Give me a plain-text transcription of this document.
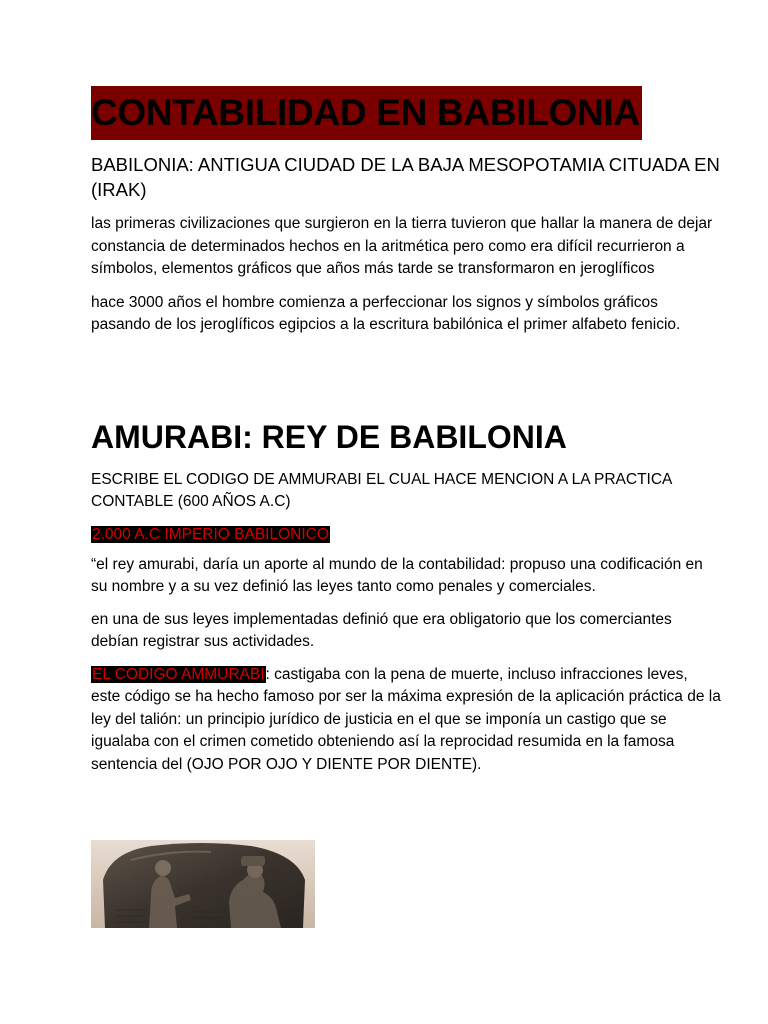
CONTABILIDAD EN BABILONIA

BABILONIA: ANTIGUA CIUDAD DE LA BAJA MESOPOTAMIA CITUADA EN (IRAK)

las primeras civilizaciones que surgieron en la tierra tuvieron que hallar la manera de dejar constancia de determinados hechos en la aritmética pero como era difícil recurrieron a símbolos, elementos gráficos que años más tarde se transformaron en jeroglíficos

hace 3000 años el hombre comienza a perfeccionar los signos y símbolos gráficos pasando de los jeroglíficos egipcios a la escritura babilónica el primer alfabeto fenicio.

AMURABI: REY DE BABILONIA

ESCRIBE EL CODIGO DE AMMURABI EL CUAL HACE MENCION A LA PRACTICA CONTABLE (600 AÑOS A.C)

2.000 A.C IMPERIO BABILONICO

“el rey amurabi, daría un aporte al mundo de la contabilidad: propuso una codificación en su nombre y a su vez definió las leyes tanto como penales y comerciales.

en una de sus leyes implementadas definió que era obligatorio que los comerciantes debían registrar sus actividades.

EL CODIGO AMMURABI: castigaba con la pena de muerte, incluso infracciones leves, este código se ha hecho famoso por ser la máxima expresión de la aplicación práctica de la ley del talión: un principio jurídico de justicia en el que se imponía un castigo que se igualaba con el crimen cometido obteniendo así la reprocidad resumida en la famosa sentencia del (OJO POR OJO Y DIENTE POR DIENTE).
